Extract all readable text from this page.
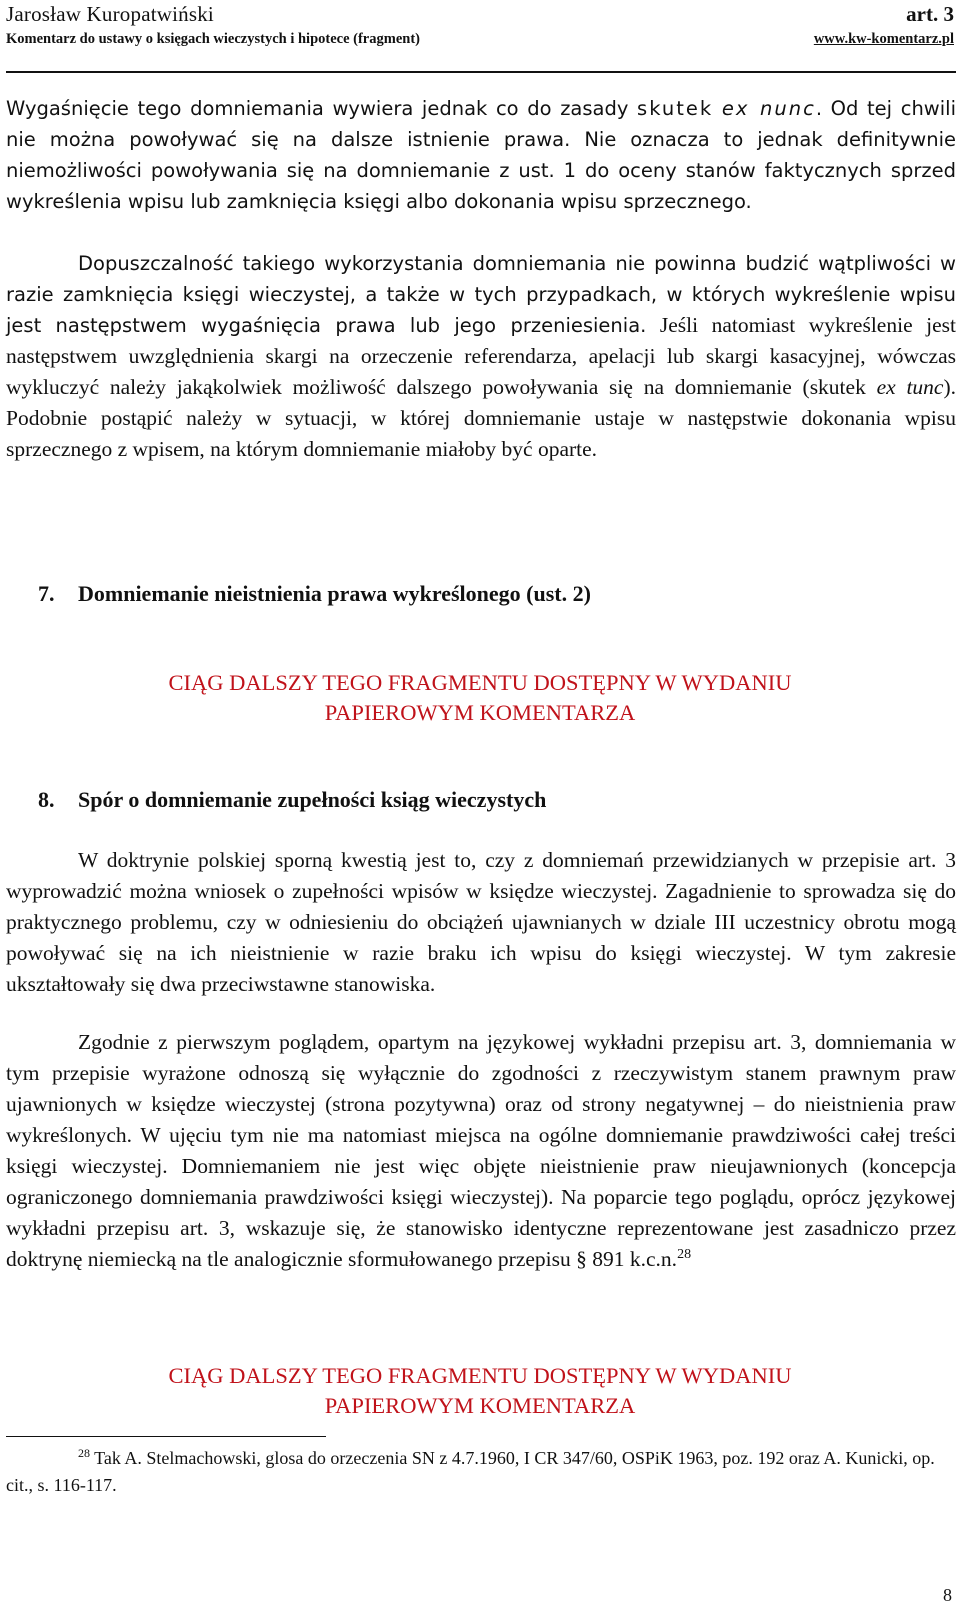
Jarosław Kuropatwiński
Komentarz do ustawy o księgach wieczystych i hipotece (fragment)
art. 3
www.kw-komentarz.pl

Wygaśnięcie tego domniemania wywiera jednak co do zasady skutek ex nunc. Od tej chwili nie można powoływać się na dalsze istnienie prawa. Nie oznacza to jednak definitywnie niemożliwości powoływania się na domniemanie z ust. 1 do oceny stanów faktycznych sprzed wykreślenia wpisu lub zamknięcia księgi albo dokonania wpisu sprzecznego.

Dopuszczalność takiego wykorzystania domniemania nie powinna budzić wątpliwości w razie zamknięcia księgi wieczystej, a także w tych przypadkach, w których wykreślenie wpisu jest następstwem wygaśnięcia prawa lub jego przeniesienia. Jeśli natomiast wykreślenie jest następstwem uwzględnienia skargi na orzeczenie referendarza, apelacji lub skargi kasacyjnej, wówczas wykluczyć należy jakąkolwiek możliwość dalszego powoływania się na domniemanie (skutek ex tunc). Podobnie postąpić należy w sytuacji, w której domniemanie ustaje w następstwie dokonania wpisu sprzecznego z wpisem, na którym domniemanie miałoby być oparte.

7. Domniemanie nieistnienia prawa wykreślonego (ust. 2)
CIĄG DALSZY TEGO FRAGMENTU DOSTĘPNY W WYDANIU
PAPIEROWYM KOMENTARZA
8. Spór o domniemanie zupełności ksiąg wieczystych

W doktrynie polskiej sporną kwestią jest to, czy z domniemań przewidzianych w przepisie art. 3 wyprowadzić można wniosek o zupełności wpisów w księdze wieczystej. Zagadnienie to sprowadza się do praktycznego problemu, czy w odniesieniu do obciążeń ujawnianych w dziale III uczestnicy obrotu mogą powoływać się na ich nieistnienie w razie braku ich wpisu do księgi wieczystej. W tym zakresie ukształtowały się dwa przeciwstawne stanowiska.

Zgodnie z pierwszym poglądem, opartym na językowej wykładni przepisu art. 3, domniemania w tym przepisie wyrażone odnoszą się wyłącznie do zgodności z rzeczywistym stanem prawnym praw ujawnionych w księdze wieczystej (strona pozytywna) oraz od strony negatywnej – do nieistnienia praw wykreślonych. W ujęciu tym nie ma natomiast miejsca na ogólne domniemanie prawdziwości całej treści księgi wieczystej. Domniemaniem nie jest więc objęte nieistnienie praw nieujawnionych (koncepcja ograniczonego domniemania prawdziwości księgi wieczystej). Na poparcie tego poglądu, oprócz językowej wykładni przepisu art. 3, wskazuje się, że stanowisko identyczne reprezentowane jest zasadniczo przez doktrynę niemiecką na tle analogicznie sformułowanego przepisu § 891 k.c.n.$^{28}$

CIĄG DALSZY TEGO FRAGMENTU DOSTĘPNY W WYDANIU
PAPIEROWYM KOMENTARZA
$^{28}$ Tak A. Stelmachowski, glosa do orzeczenia SN z 4.7.1960, I CR 347/60, OSPiK 1963, poz. 192 oraz A. Kunicki, op. cit., s. 116-117.
8
